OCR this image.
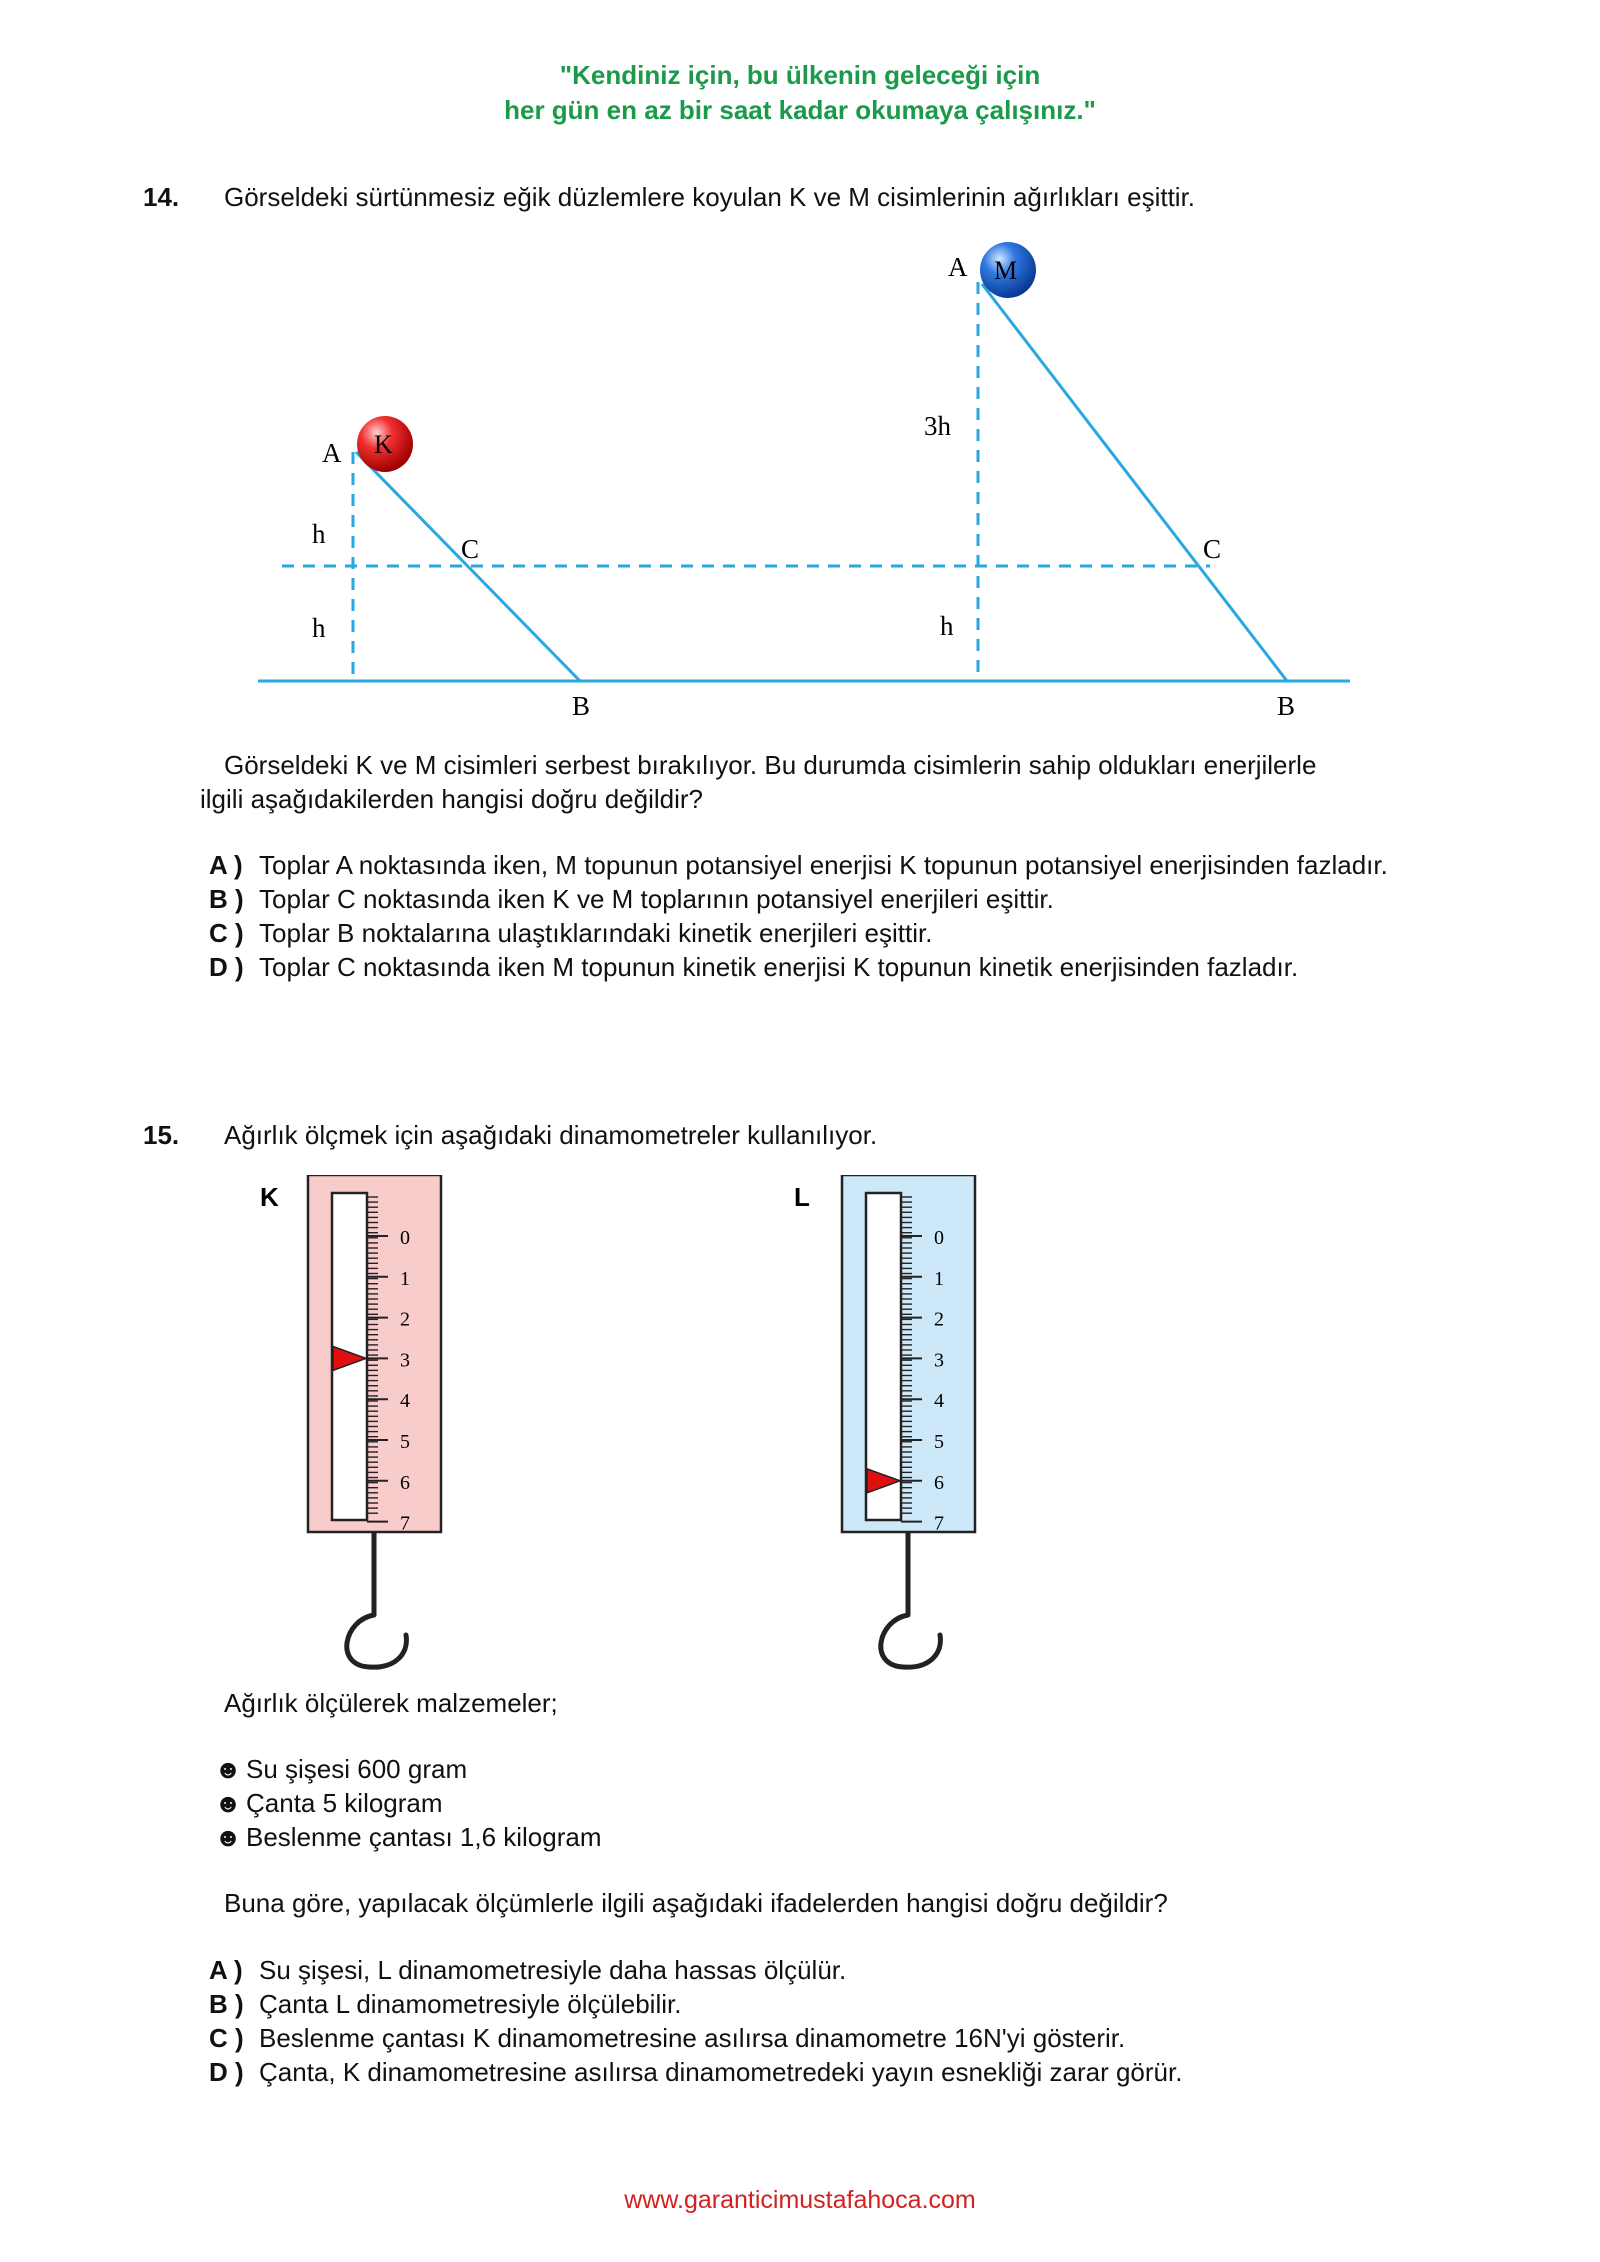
"Kendiniz için, bu ülkenin geleceği için
her gün en az bir saat kadar okumaya çalışınız."
14. Görseldeki sürtünmesiz eğik düzlemlere koyulan K ve M cisimlerinin ağırlıkları eşittir.
A K
h
h
C
B
A M
3h
h
C
B
Görseldeki K ve M cisimleri serbest bırakılıyor. Bu durumda cisimlerin sahip oldukları enerjilerle
ilgili aşağıdakilerden hangisi doğru değildir?
A ) Toplar A noktasında iken, M topunun potansiyel enerjisi K topunun potansiyel enerjisinden fazladır.
B ) Toplar C noktasında iken K ve M toplarının potansiyel enerjileri eşittir.
C ) Toplar B noktalarına ulaştıklarındaki kinetik enerjileri eşittir.
D ) Toplar C noktasında iken M topunun kinetik enerjisi K topunun kinetik enerjisinden fazladır.
15. Ağırlık ölçmek için aşağıdaki dinamometreler kullanılıyor.
K
0
1
2
3
4
5
6
7
L
0
1
2
3
4
5
6
7
Ağırlık ölçülerek malzemeler;
☻ Su şişesi 600 gram
☻ Çanta 5 kilogram
☻ Beslenme çantası 1,6 kilogram
Buna göre, yapılacak ölçümlerle ilgili aşağıdaki ifadelerden hangisi doğru değildir?
A ) Su şişesi, L dinamometresiyle daha hassas ölçülür.
B ) Çanta L dinamometresiyle ölçülebilir.
C ) Beslenme çantası K dinamometresine asılırsa dinamometre 16N'yi gösterir.
D ) Çanta, K dinamometresine asılırsa dinamometredeki yayın esnekliği zarar görür.
www.garanticimustafahoca.com
